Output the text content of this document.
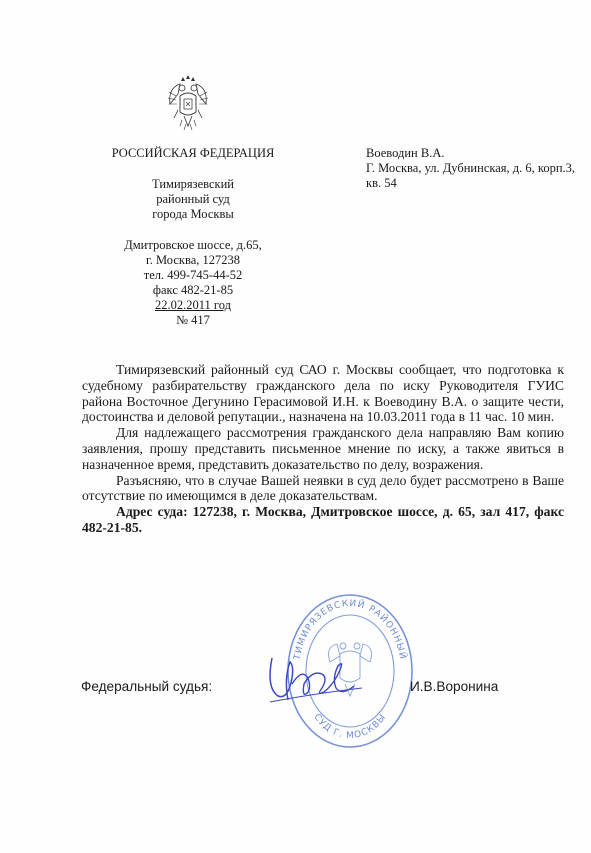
РОССИЙСКАЯ ФЕДЕРАЦИЯ
Тимирязевский
районный суд
города Москвы
Дмитровское шоссе, д.65,
г. Москва, 127238
тел. 499-745-44-52
факс 482-21-85
22.02.2011 год
№ 417
Воеводин В.А.
Г. Москва, ул. Дубнинская, д. 6, корп.3,
кв. 54

Тимирязевский районный суд САО г. Москвы сообщает, что подготовка к судебному разбирательству гражданского дела по иску Руководителя ГУИС района Восточное Дегунино Герасимовой И.Н. к Воеводину В.А. о защите чести, достоинства и деловой репутации., назначена на 10.03.2011 года в 11 час. 10 мин.

Для надлежащего рассмотрения гражданского дела направляю Вам копию заявления, прошу представить письменное мнение по иску, а также явиться в назначенное время, представить доказательство по делу, возражения.

Разъясняю, что в случае Вашей неявки в суд дело будет рассмотрено в Ваше отсутствие по имеющимся в деле доказательствам.

Адрес суда: 127238, г. Москва, Дмитровское шоссе, д. 65, зал 417, факс 482-21-85.

ТИМИРЯЗЕВСКИЙ РАЙОННЫЙ
СУД Г. МОСКВЫ
Федеральный судья:	И.В.Воронина
